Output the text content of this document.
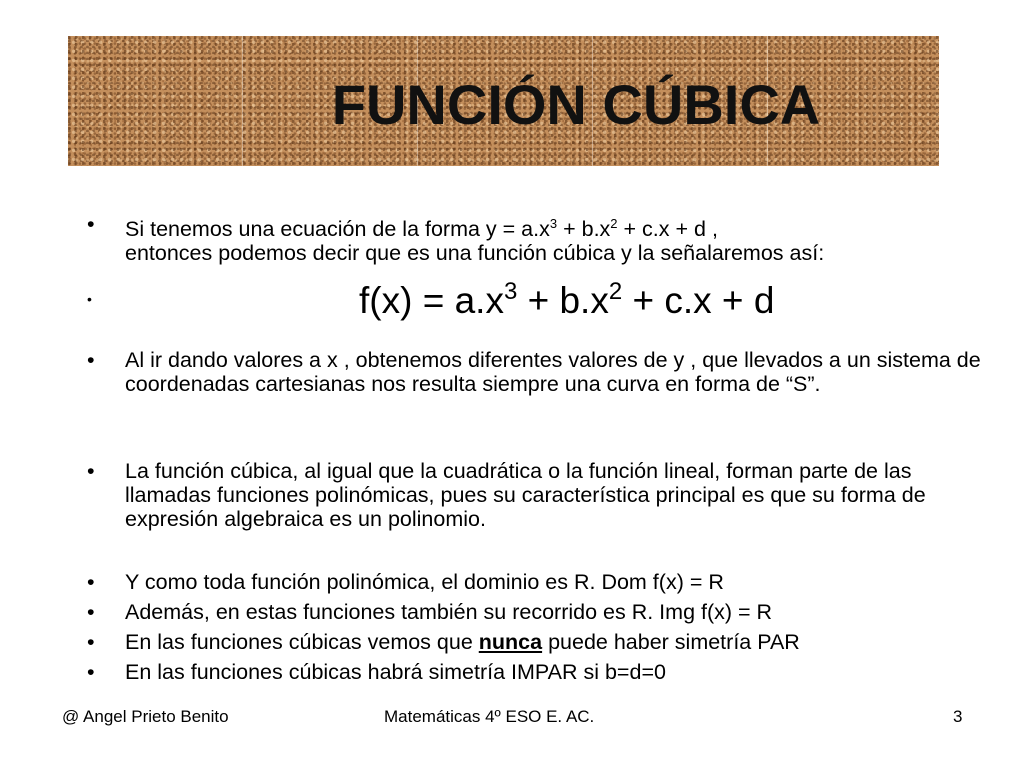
FUNCIÓN CÚBICA
• Si tenemos una ecuación de la forma $y = a.x^3 + b.x^2 + c.x + d$ ,
entonces podemos decir que es una función cúbica y la señalaremos así:
$f(x) = a.x^3 + b.x^2 + c.x + d$
• Al ir dando valores a x , obtenemos diferentes valores de y , que llevados a un sistema de coordenadas cartesianas nos resulta siempre una curva en forma de “S”.
• La función cúbica, al igual que la cuadrática o la función lineal, forman parte de las llamadas funciones polinómicas, pues su característica principal es que su forma de expresión algebraica es un polinomio.
• Y como toda función polinómica, el dominio es R. Dom f(x) = R
• Además, en estas funciones también su recorrido es R. Img f(x) = R
• En las funciones cúbicas vemos que nunca puede haber simetría PAR
• En las funciones cúbicas habrá simetría IMPAR si b=d=0
@ Angel Prieto Benito	Matemáticas 4º ESO E. AC.	3
